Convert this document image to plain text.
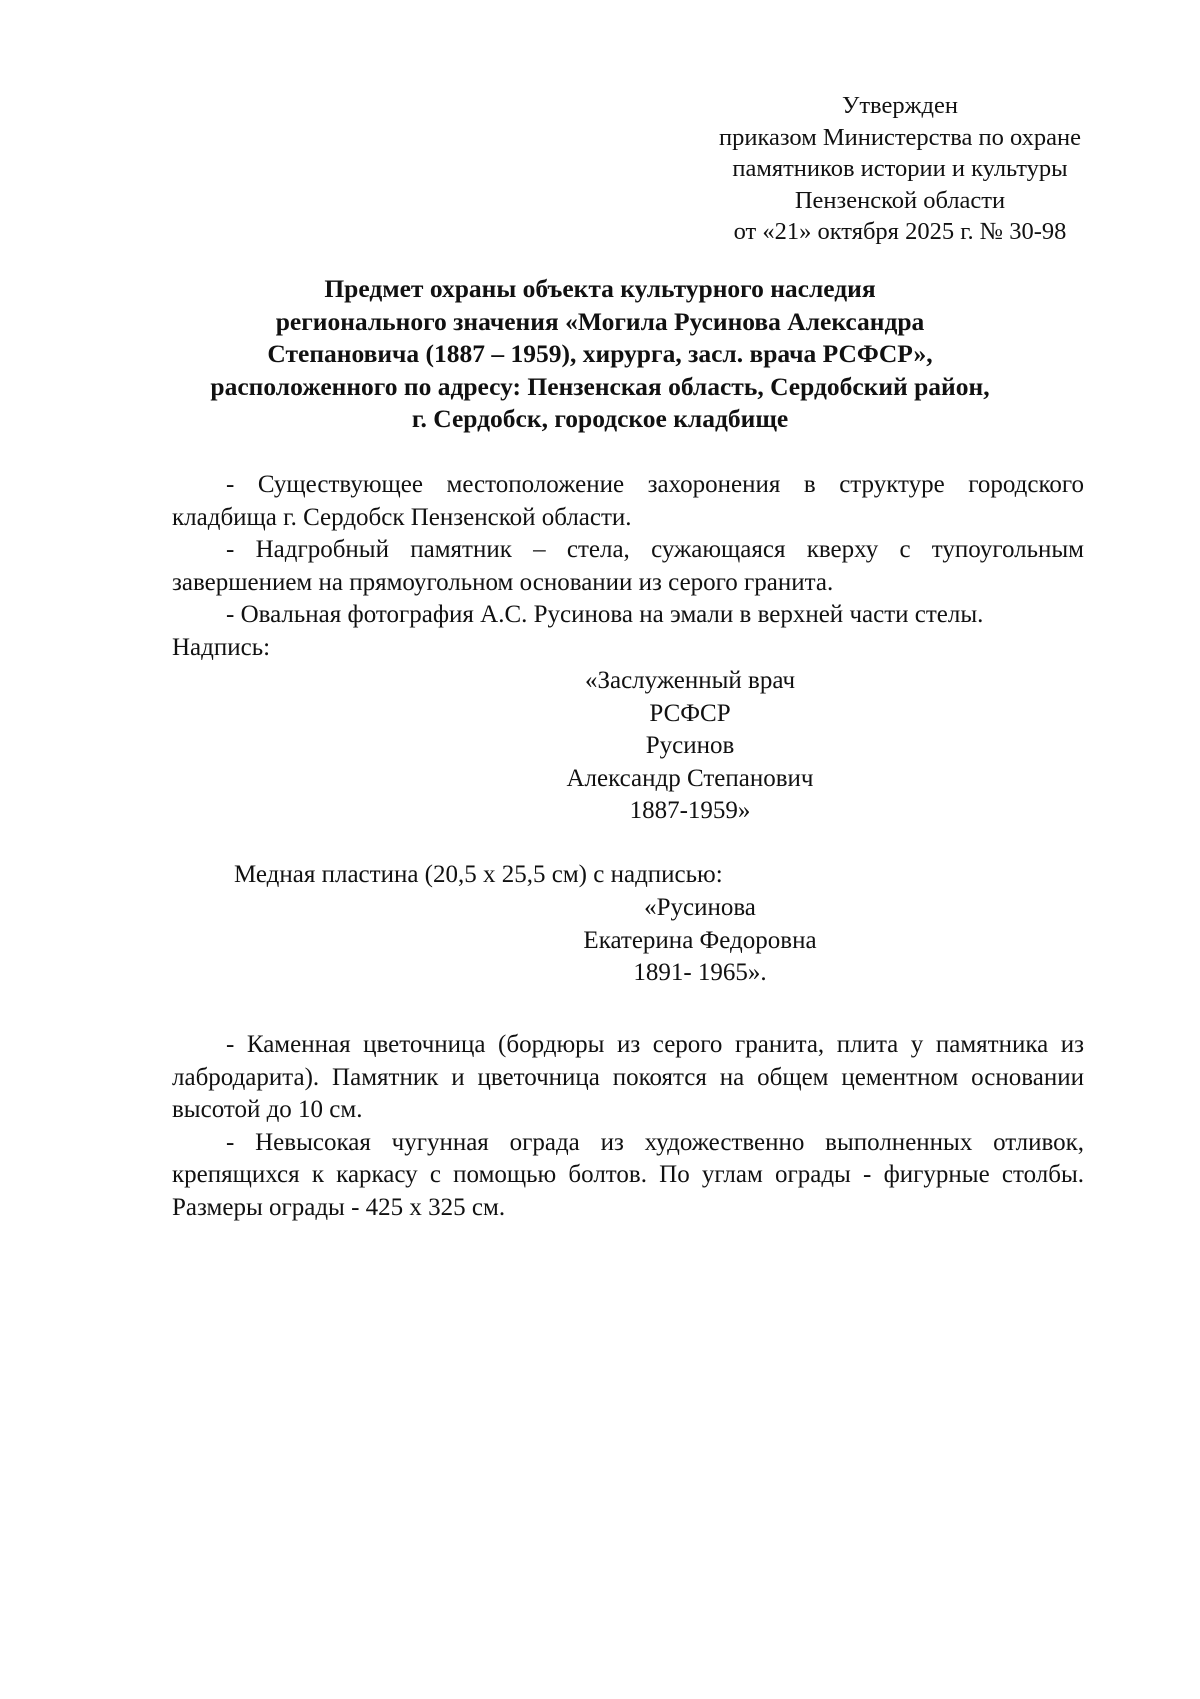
Утвержден
приказом Министерства по охране
памятников истории и культуры
Пензенской области
от «21» октября 2025 г. № 30-98
Предмет охраны объекта культурного наследия
регионального значения «Могила Русинова Александра
Степановича (1887 – 1959), хирурга, засл. врача РСФСР»,
расположенного по адресу: Пензенская область, Сердобский район,
г. Сердобск, городское кладбище

- Существующее местоположение захоронения в структуре городского кладбища г. Сердобск Пензенской области.

- Надгробный памятник – стела, сужающаяся кверху с тупоугольным завершением на прямоугольном основании из серого гранита.

- Овальная фотография А.С. Русинова на эмали в верхней части стелы.

Надпись:

«Заслуженный врач
РСФСР
Русинов
Александр Степанович
1887-1959»
Медная пластина (20,5 х 25,5 см) с надписью:
«Русинова
Екатерина Федоровна
1891- 1965».

- Каменная цветочница (бордюры из серого гранита, плита у памятника из лабродарита). Памятник и цветочница покоятся на общем цементном основании высотой до 10 см.

- Невысокая чугунная ограда из художественно выполненных отливок, крепящихся к каркасу с помощью болтов. По углам ограды - фигурные столбы. Размеры ограды - 425 х 325 см.
